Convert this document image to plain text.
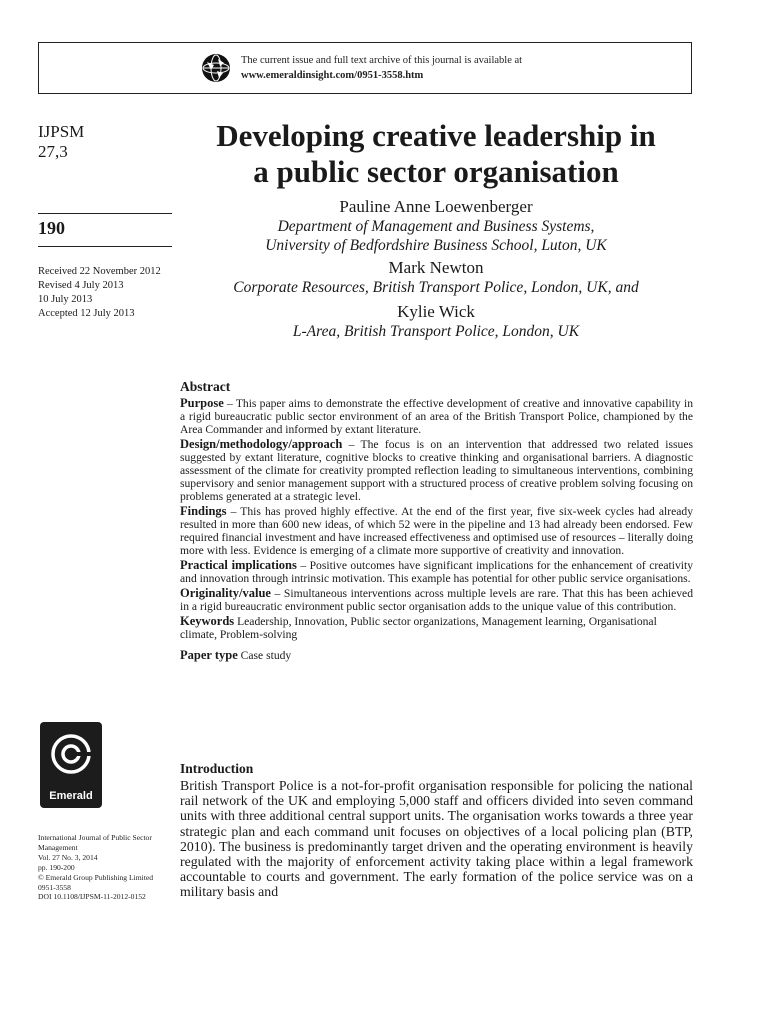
The current issue and full text archive of this journal is available at
www.emeraldinsight.com/0951-3558.htm
IJPSM
27,3
190
Received 22 November 2012
Revised 4 July 2013
10 July 2013
Accepted 12 July 2013
Developing creative leadership in
a public sector organisation
Pauline Anne Loewenberger
Department of Management and Business Systems,
University of Bedfordshire Business School, Luton, UK
Mark Newton
Corporate Resources, British Transport Police, London, UK, and
Kylie Wick
L-Area, British Transport Police, London, UK
Abstract

Purpose – This paper aims to demonstrate the effective development of creative and innovative capability in a rigid bureaucratic public sector environment of an area of the British Transport Police, championed by the Area Commander and informed by extant literature.

Design/methodology/approach – The focus is on an intervention that addressed two related issues suggested by extant literature, cognitive blocks to creative thinking and organisational barriers. A diagnostic assessment of the climate for creativity prompted reflection leading to simultaneous interventions, combining supervisory and senior management support with a structured process of creative problem solving focusing on problems generated at a strategic level.

Findings – This has proved highly effective. At the end of the first year, five six-week cycles had already resulted in more than 600 new ideas, of which 52 were in the pipeline and 13 had already been endorsed. Few required financial investment and have increased effectiveness and optimised use of resources – literally doing more with less. Evidence is emerging of a climate more supportive of creativity and innovation.

Practical implications – Positive outcomes have significant implications for the enhancement of creativity and innovation through intrinsic motivation. This example has potential for other public service organisations.

Originality/value – Simultaneous interventions across multiple levels are rare. That this has been achieved in a rigid bureaucratic environment public sector organisation adds to the unique value of this contribution.

Keywords Leadership, Innovation, Public sector organizations, Management learning, Organisational climate, Problem-solving

Paper type Case study

Emerald
International Journal of Public Sector
Management
Vol. 27 No. 3, 2014
pp. 190-200
© Emerald Group Publishing Limited
0951-3558
DOI 10.1108/IJPSM-11-2012-0152
Introduction

British Transport Police is a not-for-profit organisation responsible for policing the national rail network of the UK and employing 5,000 staff and officers divided into seven command units with three additional central support units. The organisation works towards a three year strategic plan and each command unit focuses on objectives of a local policing plan (BTP, 2010). The business is predominantly target driven and the operating environment is heavily regulated with the majority of enforcement activity taking place within a legal framework accountable to courts and government. The early formation of the police service was on a military basis and
